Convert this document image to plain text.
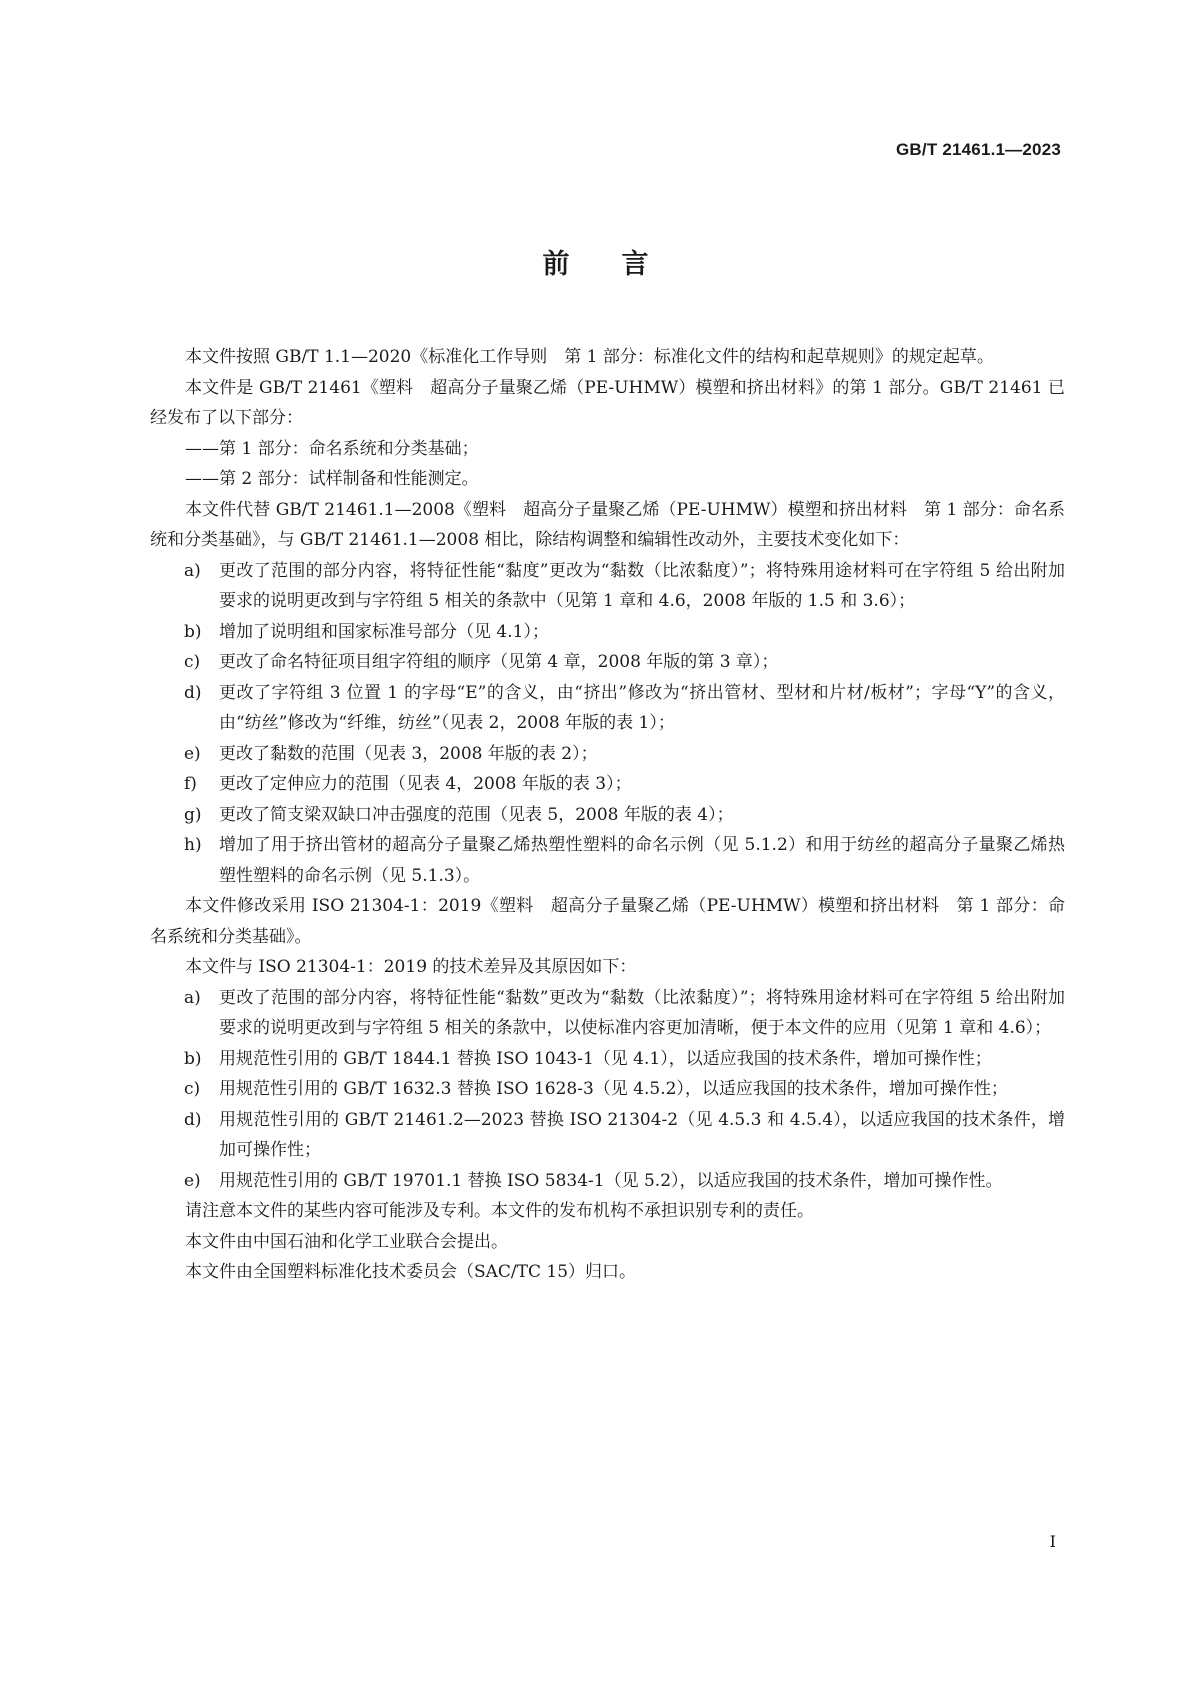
GB/T 21461.1—2023
前言

本文件按照 GB/T 1.1—2020《标准化工作导则　第 1 部分：标准化文件的结构和起草规则》的规定起草。

本文件是 GB/T 21461《塑料　超高分子量聚乙烯（PE-UHMW）模塑和挤出材料》的第 1 部分。GB/T 21461 已经发布了以下部分：

——第 1 部分：命名系统和分类基础；

——第 2 部分：试样制备和性能测定。

本文件代替 GB/T 21461.1—2008《塑料　超高分子量聚乙烯（PE-UHMW）模塑和挤出材料　第 1 部分：命名系统和分类基础》，与 GB/T 21461.1—2008 相比，除结构调整和编辑性改动外，主要技术变化如下：

a)	更改了范围的部分内容，将特征性能“黏度”更改为“黏数（比浓黏度）”；将特殊用途材料可在字符组 5 给出附加要求的说明更改到与字符组 5 相关的条款中（见第 1 章和 4.6，2008 年版的 1.5 和 3.6）；
b)	增加了说明组和国家标准号部分（见 4.1）；
c)	更改了命名特征项目组字符组的顺序（见第 4 章，2008 年版的第 3 章）；
d)	更改了字符组 3 位置 1 的字母“E”的含义，由“挤出”修改为“挤出管材、型材和片材/板材”；字母“Y”的含义，由“纺丝”修改为“纤维，纺丝”（见表 2，2008 年版的表 1）；
e)	更改了黏数的范围（见表 3，2008 年版的表 2）；
f)	更改了定伸应力的范围（见表 4，2008 年版的表 3）；
g)	更改了简支梁双缺口冲击强度的范围（见表 5，2008 年版的表 4）；
h)	增加了用于挤出管材的超高分子量聚乙烯热塑性塑料的命名示例（见 5.1.2）和用于纺丝的超高分子量聚乙烯热塑性塑料的命名示例（见 5.1.3）。

本文件修改采用 ISO 21304-1：2019《塑料　超高分子量聚乙烯（PE-UHMW）模塑和挤出材料　第 1 部分：命名系统和分类基础》。

本文件与 ISO 21304-1：2019 的技术差异及其原因如下：

a)	更改了范围的部分内容，将特征性能“黏数”更改为“黏数（比浓黏度）”；将特殊用途材料可在字符组 5 给出附加要求的说明更改到与字符组 5 相关的条款中，以使标准内容更加清晰，便于本文件的应用（见第 1 章和 4.6）；
b)	用规范性引用的 GB/T 1844.1 替换 ISO 1043-1（见 4.1），以适应我国的技术条件，增加可操作性；
c)	用规范性引用的 GB/T 1632.3 替换 ISO 1628-3（见 4.5.2），以适应我国的技术条件，增加可操作性；
d)	用规范性引用的 GB/T 21461.2—2023 替换 ISO 21304-2（见 4.5.3 和 4.5.4），以适应我国的技术条件，增加可操作性；
e)	用规范性引用的 GB/T 19701.1 替换 ISO 5834-1（见 5.2），以适应我国的技术条件，增加可操作性。

请注意本文件的某些内容可能涉及专利。本文件的发布机构不承担识别专利的责任。

本文件由中国石油和化学工业联合会提出。

本文件由全国塑料标准化技术委员会（SAC/TC 15）归口。

I
